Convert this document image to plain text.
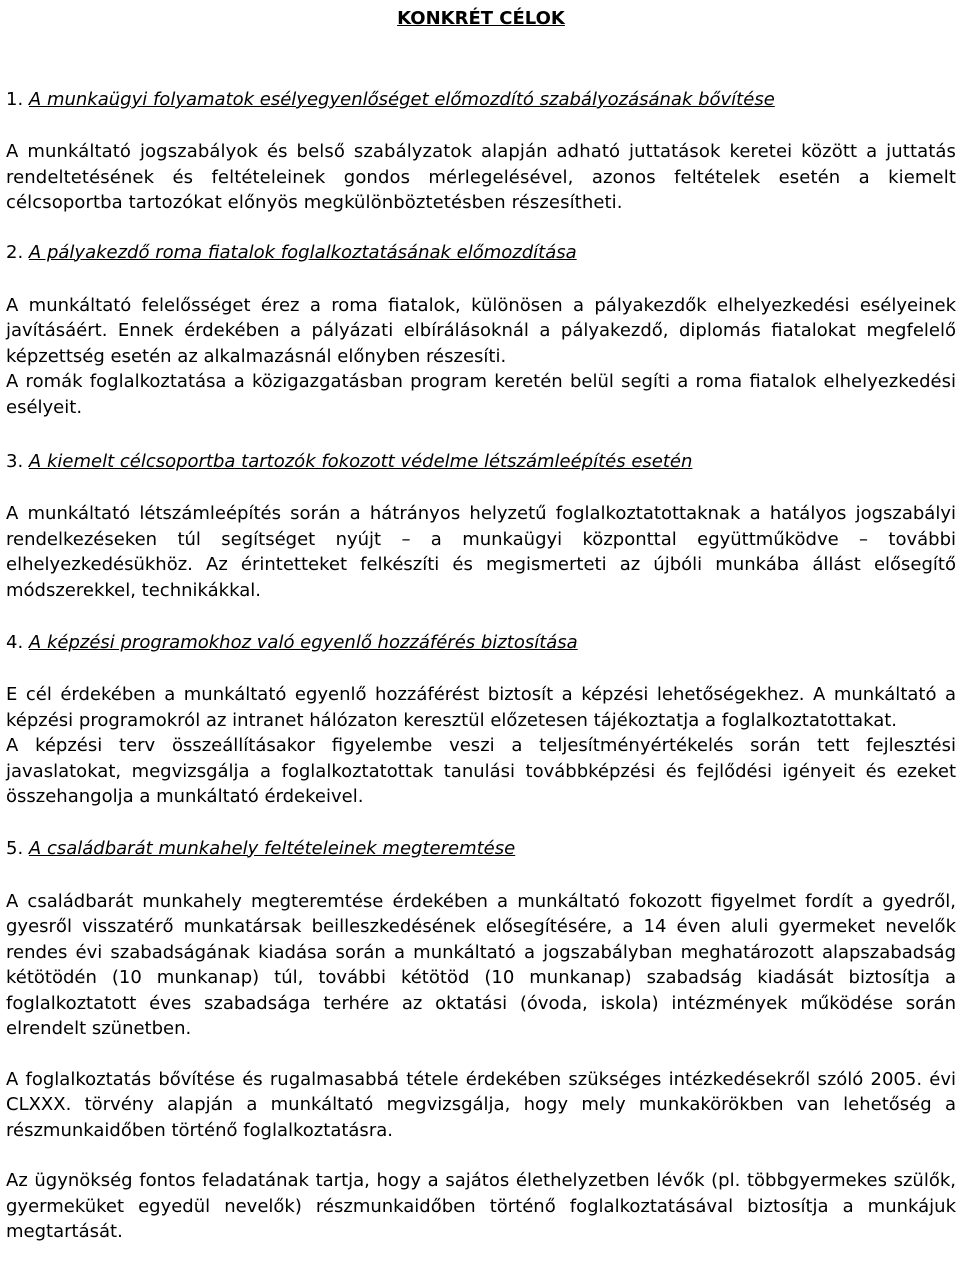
KONKRÉT CÉLOK

1. A munkaügyi folyamatok esélyegyenlőséget előmozdító szabályozásának bővítése

A munkáltató jogszabályok és belső szabályzatok alapján adható juttatások keretei között a juttatás rendeltetésének és feltételeinek gondos mérlegelésével, azonos feltételek esetén a kiemelt célcsoportba tartozókat előnyös megkülönböztetésben részesítheti.

2. A pályakezdő roma fiatalok foglalkoztatásának előmozdítása

A munkáltató felelősséget érez a roma fiatalok, különösen a pályakezdők elhelyezkedési esélyeinek javításáért. Ennek érdekében a pályázati elbírálásoknál a pályakezdő, diplomás fiatalokat megfelelő képzettség esetén az alkalmazásnál előnyben részesíti.

A romák foglalkoztatása a közigazgatásban program keretén belül segíti a roma fiatalok elhelyezkedési esélyeit.

3. A kiemelt célcsoportba tartozók fokozott védelme létszámleépítés esetén

A munkáltató létszámleépítés során a hátrányos helyzetű foglalkoztatottaknak a hatályos jogszabályi rendelkezéseken túl segítséget nyújt – a munkaügyi központtal együttműködve – további elhelyezkedésükhöz. Az érintetteket felkészíti és megismerteti az újbóli munkába állást elősegítő módszerekkel, technikákkal.

4. A képzési programokhoz való egyenlő hozzáférés biztosítása

E cél érdekében a munkáltató egyenlő hozzáférést biztosít a képzési lehetőségekhez. A munkáltató a képzési programokról az intranet hálózaton keresztül előzetesen tájékoztatja a foglalkoztatottakat.

A képzési terv összeállításakor figyelembe veszi a teljesítményértékelés során tett fejlesztési javaslatokat, megvizsgálja a foglalkoztatottak tanulási továbbképzési és fejlődési igényeit és ezeket összehangolja a munkáltató érdekeivel.

5. A családbarát munkahely feltételeinek megteremtése

A családbarát munkahely megteremtése érdekében a munkáltató fokozott figyelmet fordít a gyedről, gyesről visszatérő munkatársak beilleszkedésének elősegítésére, a 14 éven aluli gyermeket nevelők rendes évi szabadságának kiadása során a munkáltató a jogszabályban meghatározott alapszabadság kétötödén (10 munkanap) túl, további kétötöd (10 munkanap) szabadság kiadását biztosítja a foglalkoztatott éves szabadsága terhére az oktatási (óvoda, iskola) intézmények működése során elrendelt szünetben.

A foglalkoztatás bővítése és rugalmasabbá tétele érdekében szükséges intézkedésekről szóló 2005. évi CLXXX. törvény alapján a munkáltató megvizsgálja, hogy mely munkakörökben van lehetőség a részmunkaidőben történő foglalkoztatásra.

Az ügynökség fontos feladatának tartja, hogy a sajátos élethelyzetben lévők (pl. többgyermekes szülők, gyermeküket egyedül nevelők) részmunkaidőben történő foglalkoztatásával biztosítja a munkájuk megtartását.
